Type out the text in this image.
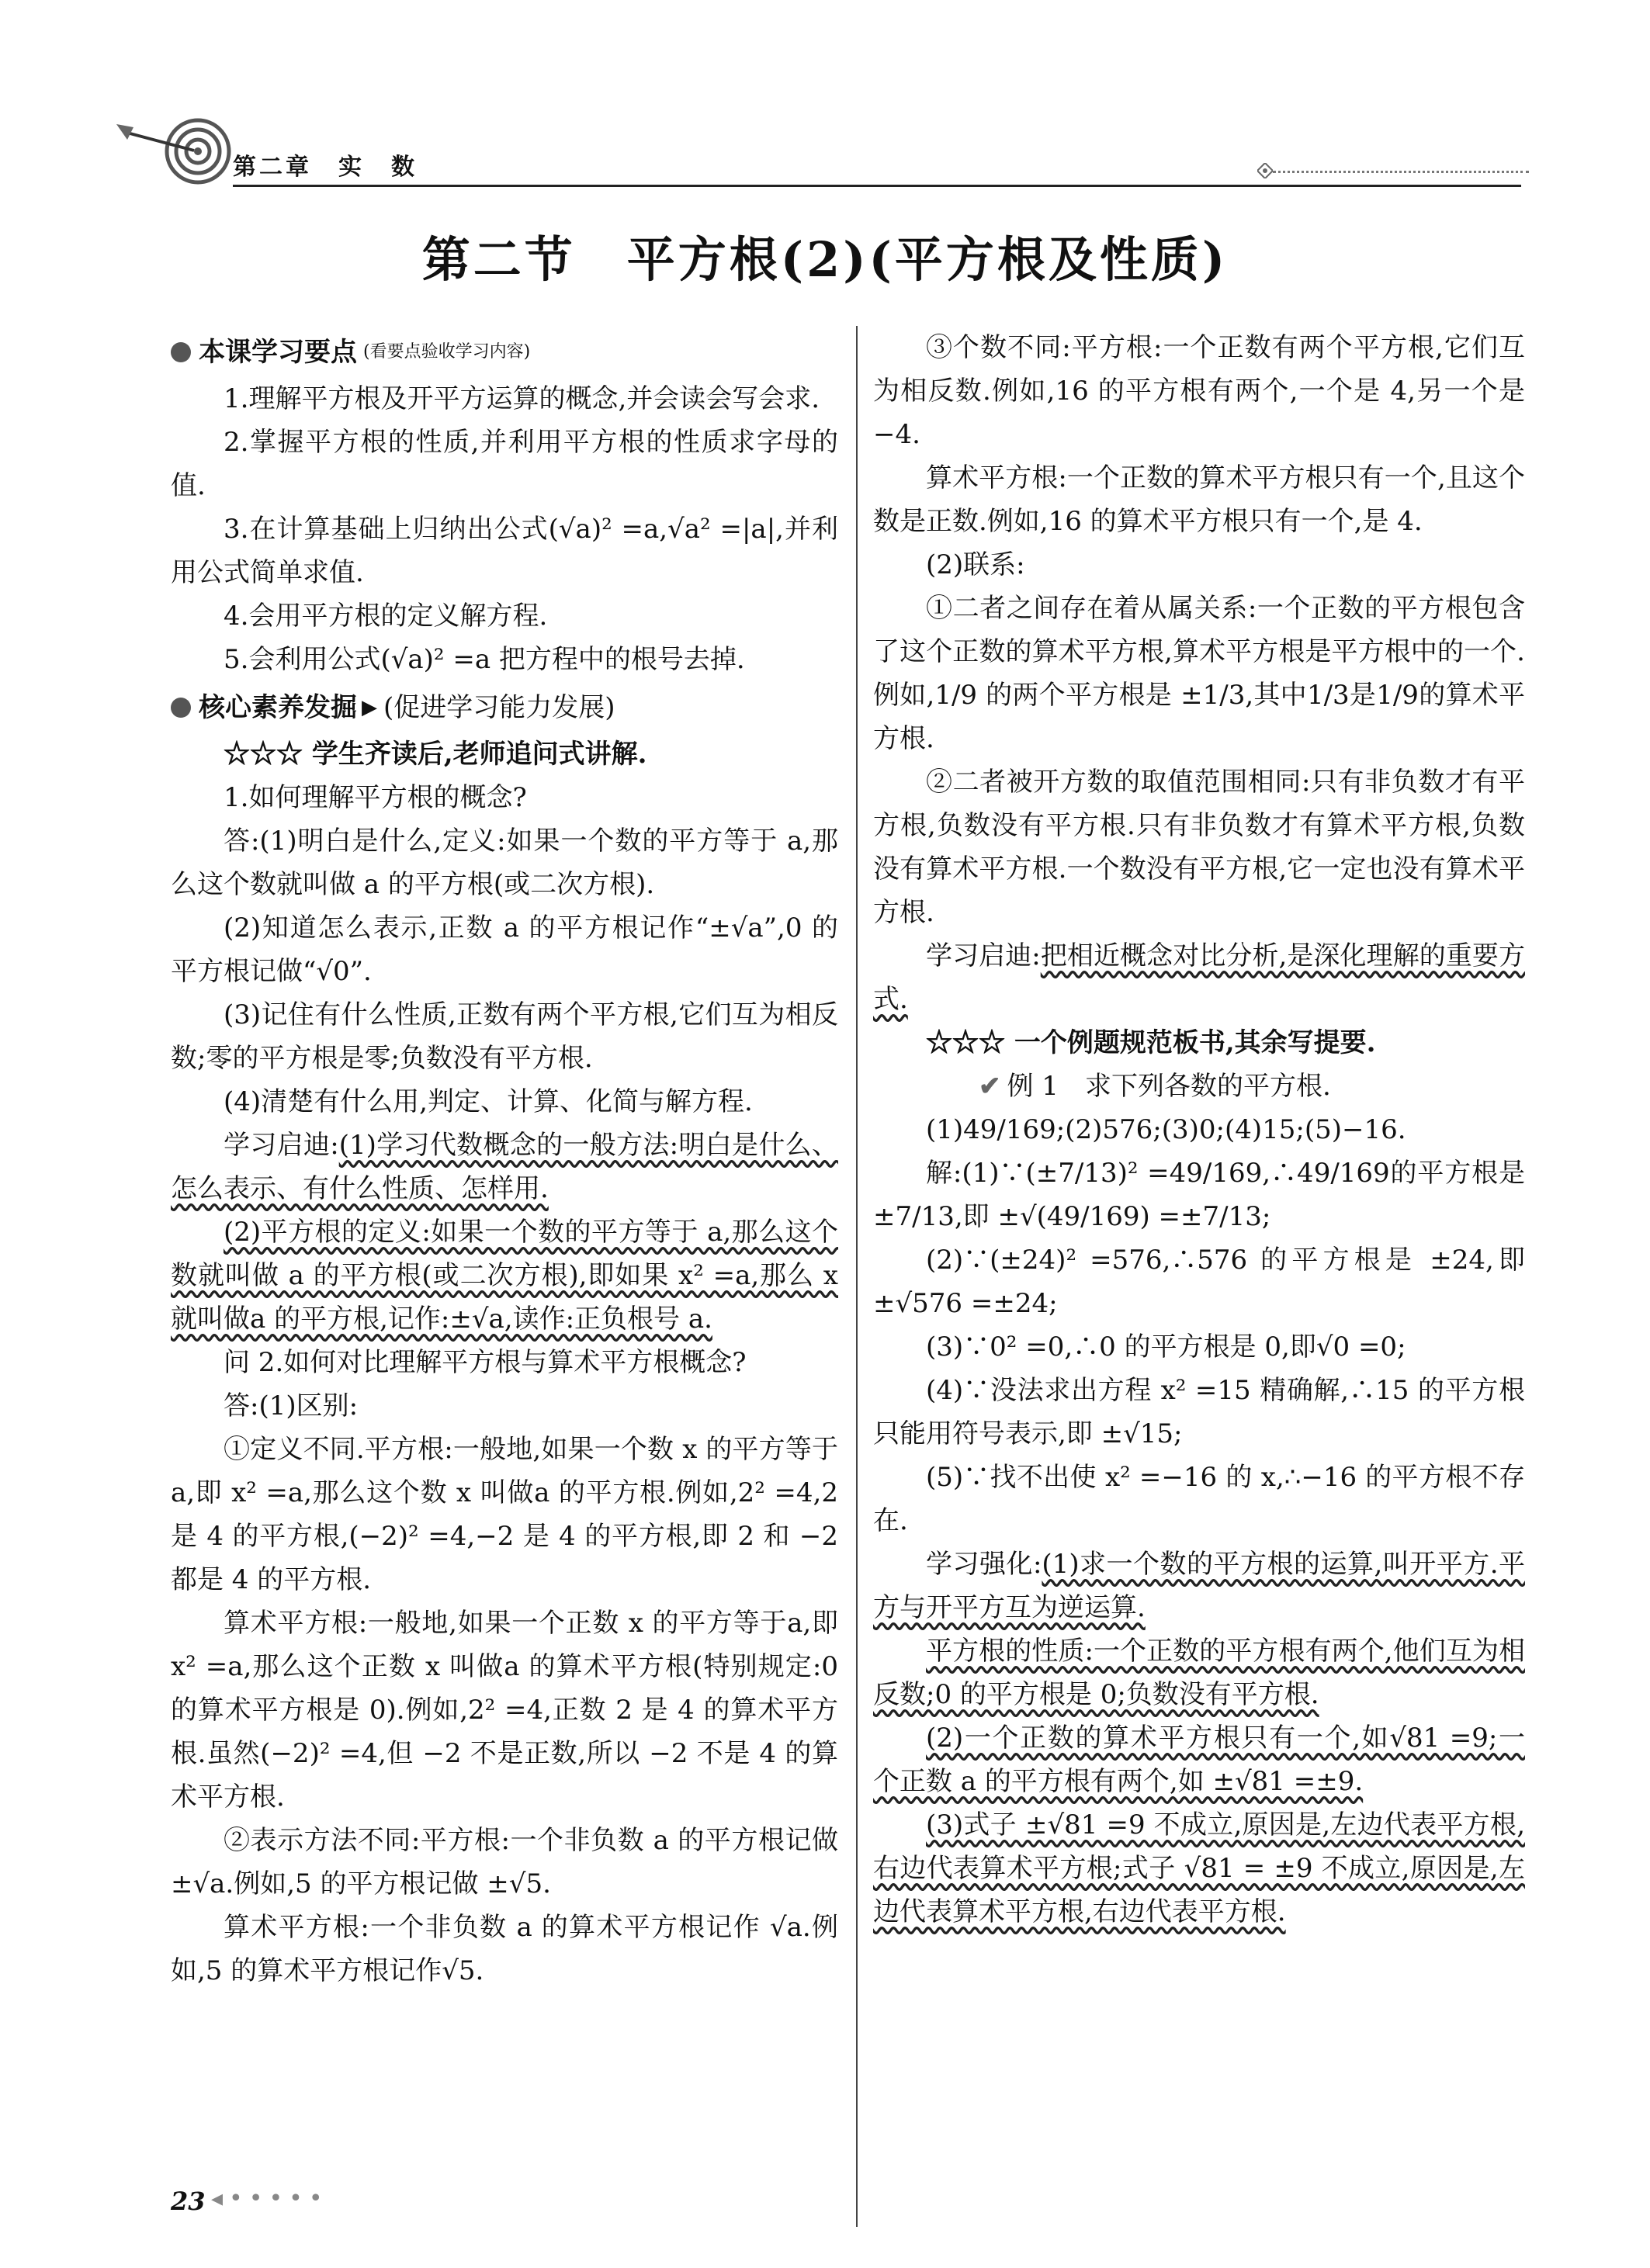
第二章　实　数
第二节　平方根(2)(平方根及性质)
本课学习要点 (看要点验收学习内容)

1.理解平方根及开平方运算的概念,并会读会写会求.

2.掌握平方根的性质,并利用平方根的性质求字母的值.

3.在计算基础上归纳出公式(√a)² =a,√a² =|a|,并利用公式简单求值.

4.会用平方根的定义解方程.

5.会利用公式(√a)² =a 把方程中的根号去掉.

核心素养发掘 ▶ (促进学习能力发展)

☆☆☆ 学生齐读后,老师追问式讲解.

1.如何理解平方根的概念?

答:(1)明白是什么,定义:如果一个数的平方等于 a,那么这个数就叫做 a 的平方根(或二次方根).

(2)知道怎么表示,正数 a 的平方根记作“±√a”,0 的平方根记做“√0”.

(3)记住有什么性质,正数有两个平方根,它们互为相反数;零的平方根是零;负数没有平方根.

(4)清楚有什么用,判定、计算、化简与解方程.

学习启迪:(1)学习代数概念的一般方法:明白是什么、怎么表示、有什么性质、怎样用.

(2)平方根的定义:如果一个数的平方等于 a,那么这个数就叫做 a 的平方根(或二次方根),即如果 x² =a,那么 x 就叫做a 的平方根,记作:±√a,读作:正负根号 a.

问 2.如何对比理解平方根与算术平方根概念?

答:(1)区别:

①定义不同.平方根:一般地,如果一个数 x 的平方等于a,即 x² =a,那么这个数 x 叫做a 的平方根.例如,2² =4,2 是 4 的平方根,(−2)² =4,−2 是 4 的平方根,即 2 和 −2 都是 4 的平方根.

算术平方根:一般地,如果一个正数 x 的平方等于a,即 x² =a,那么这个正数 x 叫做a 的算术平方根(特别规定:0 的算术平方根是 0).例如,2² =4,正数 2 是 4 的算术平方根.虽然(−2)² =4,但 −2 不是正数,所以 −2 不是 4 的算术平方根.

②表示方法不同:平方根:一个非负数 a 的平方根记做 ±√a.例如,5 的平方根记做 ±√5.

算术平方根:一个非负数 a 的算术平方根记作 √a.例如,5 的算术平方根记作√5.

③个数不同:平方根:一个正数有两个平方根,它们互为相反数.例如,16 的平方根有两个,一个是 4,另一个是 −4.

算术平方根:一个正数的算术平方根只有一个,且这个数是正数.例如,16 的算术平方根只有一个,是 4.

(2)联系:

①二者之间存在着从属关系:一个正数的平方根包含了这个正数的算术平方根,算术平方根是平方根中的一个.例如,1/9 的两个平方根是 ±1/3,其中1/3是1/9的算术平方根.

②二者被开方数的取值范围相同:只有非负数才有平方根,负数没有平方根.只有非负数才有算术平方根,负数没有算术平方根.一个数没有平方根,它一定也没有算术平方根.

学习启迪:把相近概念对比分析,是深化理解的重要方式.

☆☆☆ 一个例题规范板书,其余写提要.

✔ 例 1　求下列各数的平方根.

(1)49/169;(2)576;(3)0;(4)15;(5)−16.

解:(1)∵(±7/13)² =49/169,∴49/169的平方根是 ±7/13,即 ±√(49/169) =±7/13;

(2)∵(±24)² =576,∴576 的平方根是 ±24,即 ±√576 =±24;

(3)∵0² =0,∴0 的平方根是 0,即√0 =0;

(4)∵没法求出方程 x² =15 精确解,∴15 的平方根只能用符号表示,即 ±√15;

(5)∵找不出使 x² =−16 的 x,∴−16 的平方根不存在.

学习强化:(1)求一个数的平方根的运算,叫开平方.平方与开平方互为逆运算.

平方根的性质:一个正数的平方根有两个,他们互为相反数;0 的平方根是 0;负数没有平方根.

(2)一个正数的算术平方根只有一个,如√81 =9;一个正数 a 的平方根有两个,如 ±√81 =±9.

(3)式子 ±√81 =9 不成立,原因是,左边代表平方根,右边代表算术平方根;式子 √81 = ±9 不成立,原因是,左边代表算术平方根,右边代表平方根.

23 ◂•••••
